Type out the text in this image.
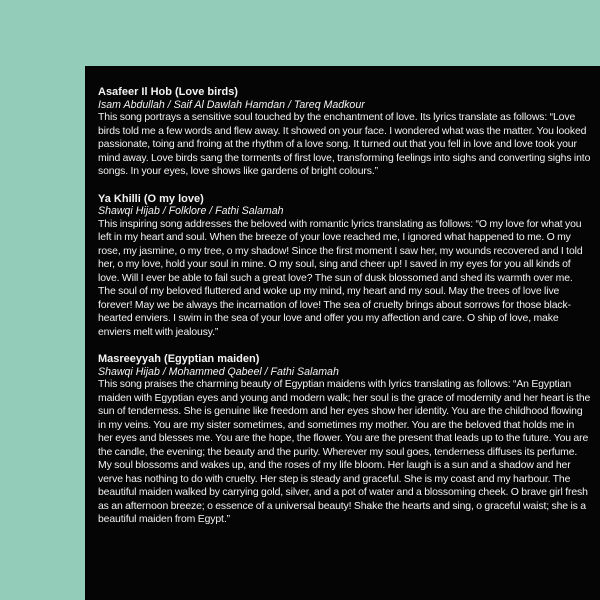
Asafeer Il Hob (Love birds)
Isam Abdullah / Saif Al Dawlah Hamdan / Tareq Madkour
This song portrays a sensitive soul touched by the enchantment of love. Its lyrics translate as follows: “Love birds told me a few words and flew away. It showed on your face. I wondered what was the matter. You looked passionate, toing and froing at the rhythm of a love song. It turned out that you fell in love and love took your mind away. Love birds sang the torments of first love, transforming feelings into sighs and converting sighs into songs. In your eyes, love shows like gardens of bright colours.”
Ya Khilli (O my love)
Shawqi Hijab / Folklore / Fathi Salamah
This inspiring song addresses the beloved with romantic lyrics translating as follows: “O my love for what you left in my heart and soul. When the breeze of your love reached me, I ignored what happened to me. O my rose, my jasmine, o my tree, o my shadow! Since the first moment I saw her, my wounds recovered and I told her, o my love, hold your soul in mine. O my soul, sing and cheer up! I saved in my eyes for you all kinds of love. Will I ever be able to fail such a great love? The sun of dusk blossomed and shed its warmth over me. The soul of my beloved fluttered and woke up my mind, my heart and my soul. May the trees of love live forever! May we be always the incarnation of love! The sea of cruelty brings about sorrows for those black-hearted enviers. I swim in the sea of your love and offer you my affection and care. O ship of love, make enviers melt with jealousy.”
Masreeyyah (Egyptian maiden)
Shawqi Hijab / Mohammed Qabeel / Fathi Salamah
This song praises the charming beauty of Egyptian maidens with lyrics translating as follows: “An Egyptian maiden with Egyptian eyes and young and modern walk; her soul is the grace of modernity and her heart is the sun of tenderness. She is genuine like freedom and her eyes show her identity. You are the childhood flowing in my veins. You are my sister sometimes, and sometimes my mother. You are the beloved that holds me in her eyes and blesses me. You are the hope, the flower. You are the present that leads up to the future. You are the candle, the evening; the beauty and the purity. Wherever my soul goes, tenderness diffuses its perfume. My soul blossoms and wakes up, and the roses of my life bloom. Her laugh is a sun and a shadow and her verve has nothing to do with cruelty. Her step is steady and graceful. She is my coast and my harbour. The beautiful maiden walked by carrying gold, silver, and a pot of water and a blossoming cheek. O brave girl fresh as an afternoon breeze; o essence of a universal beauty! Shake the hearts and sing, o graceful waist; she is a beautiful maiden from Egypt.”
